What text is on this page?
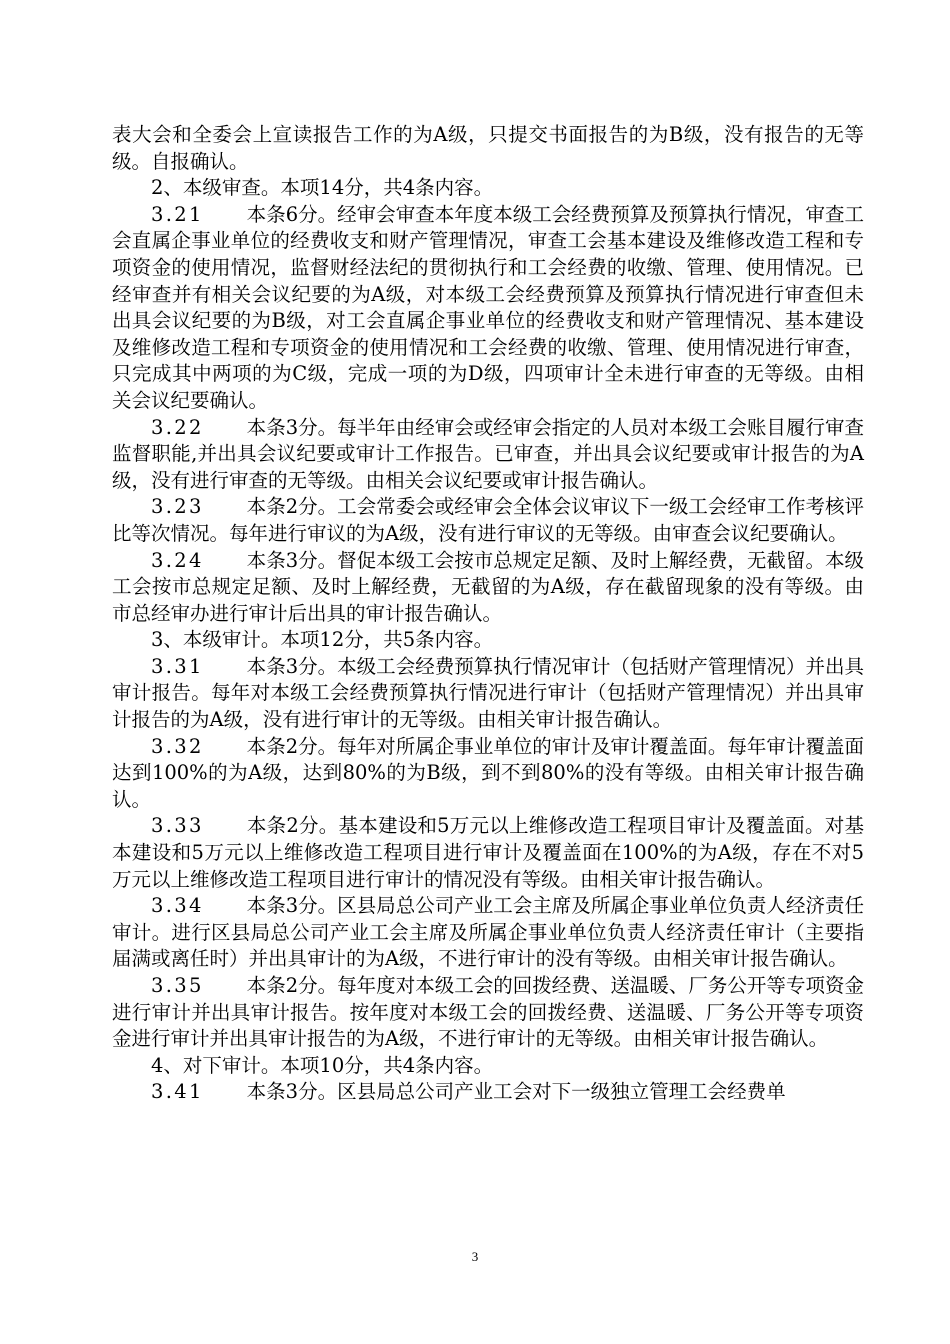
表大会和全委会上宣读报告工作的为A级，只提交书面报告的为B级，没有报告的无等级。自报确认。

2、本级审查。本项14分，共4条内容。

3.21 本条6分。经审会审查本年度本级工会经费预算及预算执行情况，审查工会直属企事业单位的经费收支和财产管理情况，审查工会基本建设及维修改造工程和专项资金的使用情况，监督财经法纪的贯彻执行和工会经费的收缴、管理、使用情况。已经审查并有相关会议纪要的为A级，对本级工会经费预算及预算执行情况进行审查但未出具会议纪要的为B级，对工会直属企事业单位的经费收支和财产管理情况、基本建设及维修改造工程和专项资金的使用情况和工会经费的收缴、管理、使用情况进行审查，只完成其中两项的为C级，完成一项的为D级，四项审计全未进行审查的无等级。由相关会议纪要确认。

3.22 本条3分。每半年由经审会或经审会指定的人员对本级工会账目履行审查监督职能,并出具会议纪要或审计工作报告。已审查，并出具会议纪要或审计报告的为A级，没有进行审查的无等级。由相关会议纪要或审计报告确认。

3.23 本条2分。工会常委会或经审会全体会议审议下一级工会经审工作考核评比等次情况。每年进行审议的为A级，没有进行审议的无等级。由审查会议纪要确认。

3.24 本条3分。督促本级工会按市总规定足额、及时上解经费，无截留。本级工会按市总规定足额、及时上解经费，无截留的为A级，存在截留现象的没有等级。由市总经审办进行审计后出具的审计报告确认。

3、本级审计。本项12分，共5条内容。

3.31 本条3分。本级工会经费预算执行情况审计（包括财产管理情况）并出具审计报告。每年对本级工会经费预算执行情况进行审计（包括财产管理情况）并出具审计报告的为A级，没有进行审计的无等级。由相关审计报告确认。

3.32 本条2分。每年对所属企事业单位的审计及审计覆盖面。每年审计覆盖面达到100%的为A级，达到80%的为B级，到不到80%的没有等级。由相关审计报告确认。

3.33 本条2分。基本建设和5万元以上维修改造工程项目审计及覆盖面。对基本建设和5万元以上维修改造工程项目进行审计及覆盖面在100%的为A级，存在不对5万元以上维修改造工程项目进行审计的情况没有等级。由相关审计报告确认。

3.34 本条3分。区县局总公司产业工会主席及所属企事业单位负责人经济责任审计。进行区县局总公司产业工会主席及所属企事业单位负责人经济责任审计（主要指届满或离任时）并出具审计的为A级，不进行审计的没有等级。由相关审计报告确认。

3.35 本条2分。每年度对本级工会的回拨经费、送温暖、厂务公开等专项资金进行审计并出具审计报告。按年度对本级工会的回拨经费、送温暖、厂务公开等专项资金进行审计并出具审计报告的为A级，不进行审计的无等级。由相关审计报告确认。

4、对下审计。本项10分，共4条内容。

3.41 本条3分。区县局总公司产业工会对下一级独立管理工会经费单

3
